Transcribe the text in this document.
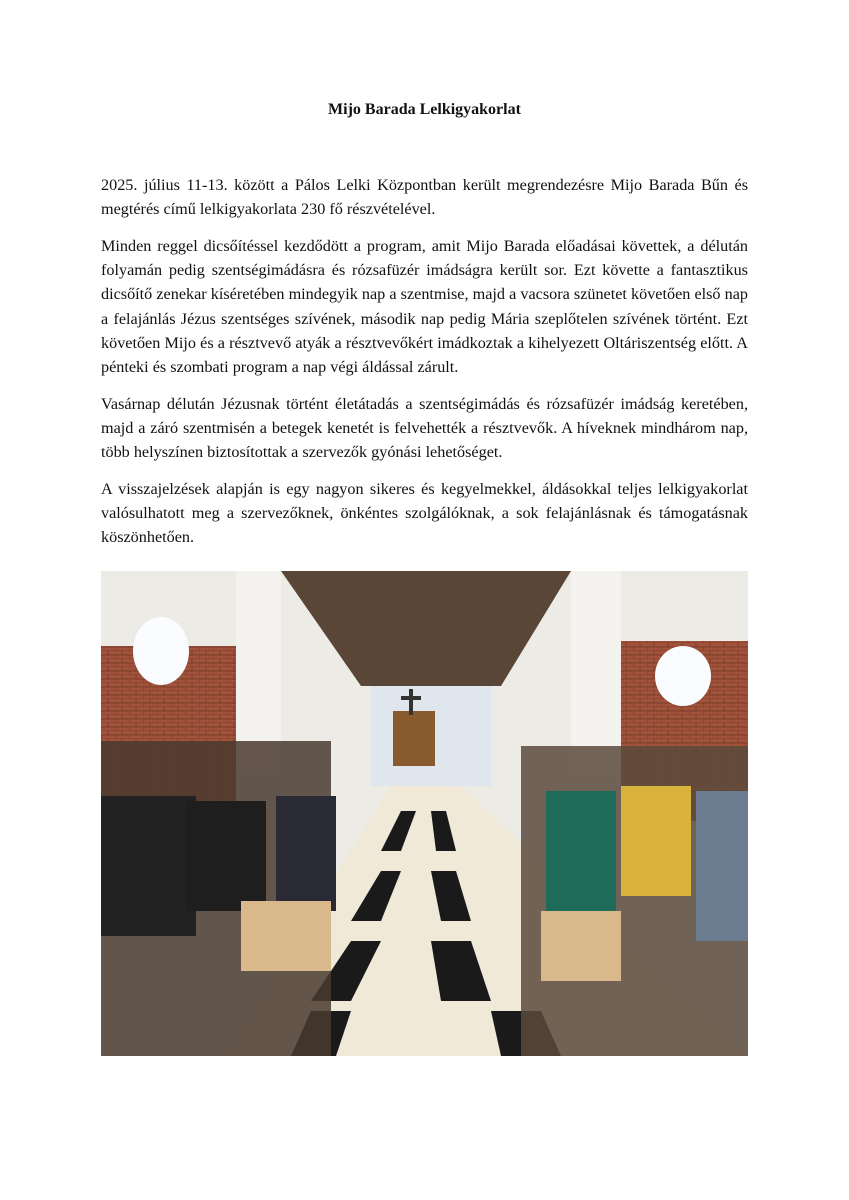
Mijo Barada Lelkigyakorlat

2025. július 11-13. között a Pálos Lelki Központban került megrendezésre Mijo Barada Bűn és megtérés című lelkigyakorlata 230 fő részvételével.

Minden reggel dicsőítéssel kezdődött a program, amit Mijo Barada előadásai követtek, a délután folyamán pedig szentségimádásra és rózsafüzér imádságra került sor. Ezt követte a fantasztikus dicsőítő zenekar kíséretében mindegyik nap a szentmise, majd a vacsora szünetet követően első nap a felajánlás Jézus szentséges szívének, második nap pedig Mária szeplőtelen szívének történt. Ezt követően Mijo és a résztvevő atyák a résztvevőkért imádkoztak a kihelyezett Oltáriszentség előtt. A pénteki és szombati program a nap végi áldással zárult.

Vasárnap délután Jézusnak történt életátadás a szentségimádás és rózsafüzér imádság keretében, majd a záró szentmisén a betegek kenetét is felvehették a résztvevők. A híveknek mindhárom nap, több helyszínen biztosítottak a szervezők gyónási lehetőséget.

A visszajelzések alapján is egy nagyon sikeres és kegyelmekkel, áldásokkal teljes lelkigyakorlat valósulhatott meg a szervezőknek, önkéntes szolgálóknak, a sok felajánlásnak és támogatásnak köszönhetően.
